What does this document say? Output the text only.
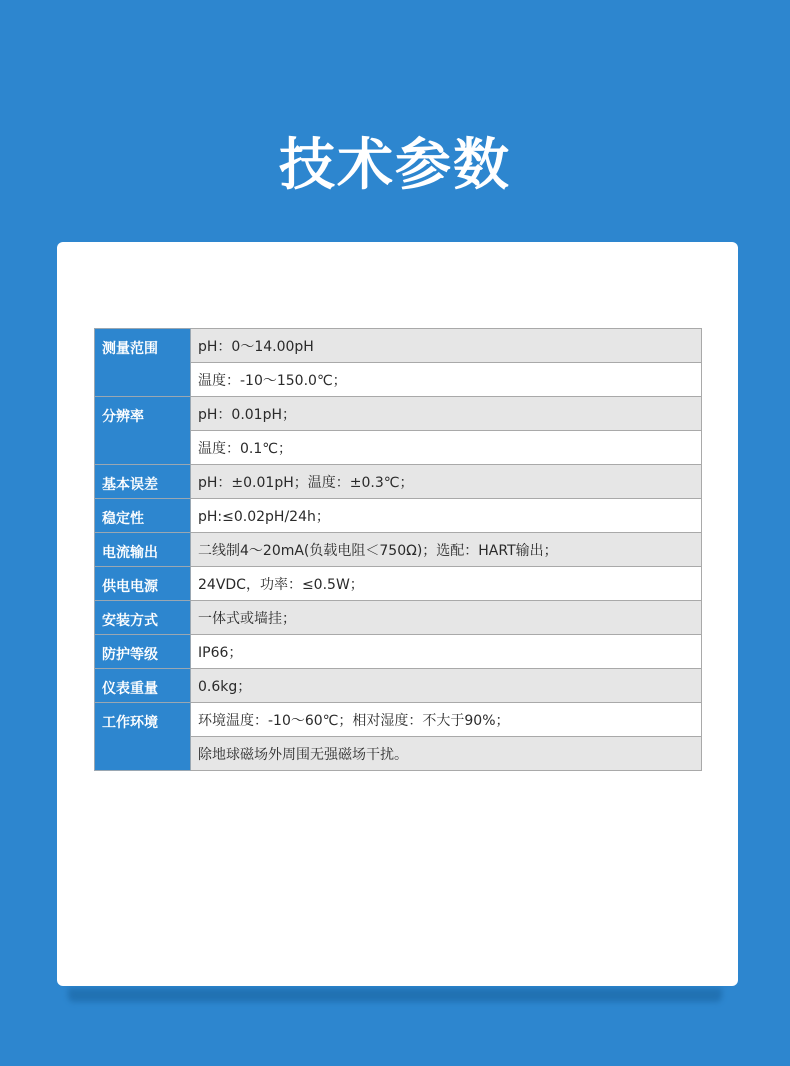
技术参数
测量范围	pH：0～14.00pH
	温度：-10～150.0℃；
分辨率	pH：0.01pH；
	温度：0.1℃；
基本误差	pH：±0.01pH；温度：±0.3℃；
稳定性	pH:≤0.02pH/24h；
电流输出	二线制4～20mA(负载电阻＜750Ω)；选配：HART输出；
供电电源	24VDC，功率：≤0.5W；
安装方式	一体式或墙挂；
防护等级	IP66；
仪表重量	0.6kg；
工作环境	环境温度：-10～60℃；相对湿度：不大于90%；
	除地球磁场外周围无强磁场干扰。
